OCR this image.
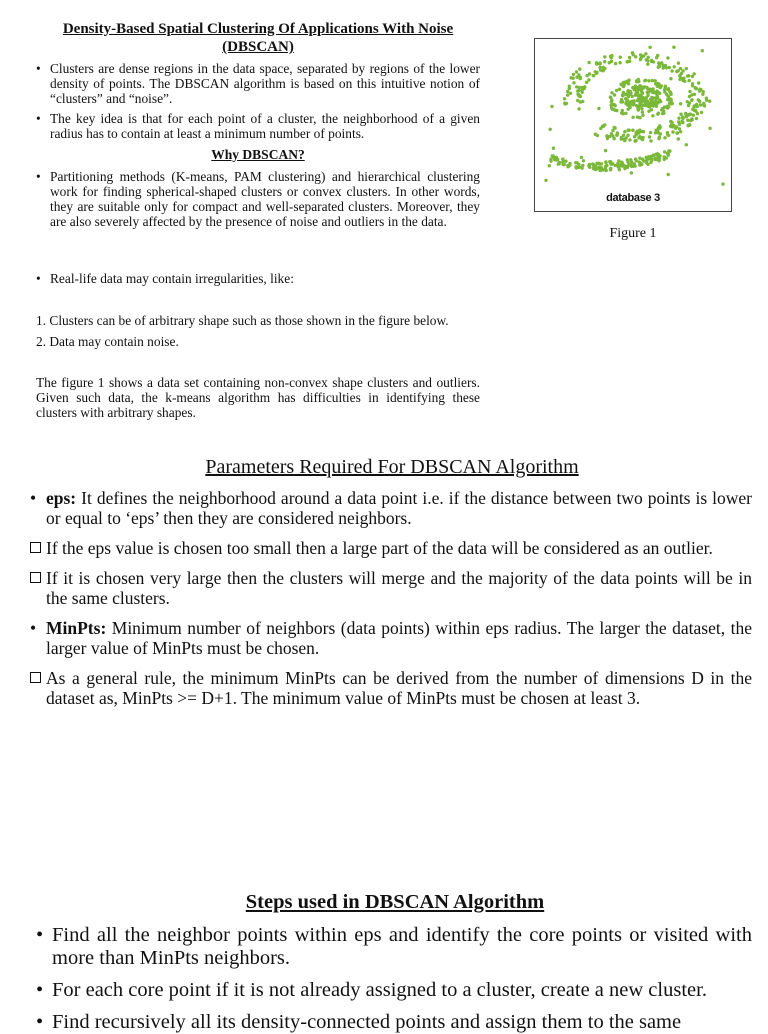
Density-Based Spatial Clustering Of Applications With Noise (DBSCAN)
• Clusters are dense regions in the data space, separated by regions of the lower density of points. The DBSCAN algorithm is based on this intuitive notion of “clusters” and “noise”.
• The key idea is that for each point of a cluster, the neighborhood of a given radius has to contain at least a minimum number of points.
Why DBSCAN?
• Partitioning methods (K-means, PAM clustering) and hierarchical clustering work for finding spherical-shaped clusters or convex clusters. In other words, they are suitable only for compact and well-separated clusters. Moreover, they are also severely affected by the presence of noise and outliers in the data.
• Real-life data may contain irregularities, like:
1. Clusters can be of arbitrary shape such as those shown in the figure below.
2. Data may contain noise.
The figure 1 shows a data set containing non-convex shape clusters and outliers. Given such data, the k-means algorithm has difficulties in identifying these clusters with arbitrary shapes.
database 3
Figure 1
Parameters Required For DBSCAN Algorithm
• eps: It defines the neighborhood around a data point i.e. if the distance between two points is lower or equal to ‘eps’ then they are considered neighbors.
If the eps value is chosen too small then a large part of the data will be considered as an outlier.
If it is chosen very large then the clusters will merge and the majority of the data points will be in the same clusters.
• MinPts: Minimum number of neighbors (data points) within eps radius. The larger the dataset, the larger value of MinPts must be chosen.
As a general rule, the minimum MinPts can be derived from the number of dimensions D in the dataset as, MinPts >= D+1. The minimum value of MinPts must be chosen at least 3.
Steps used in DBSCAN Algorithm
• Find all the neighbor points within eps and identify the core points or visited with more than MinPts neighbors.
• For each core point if it is not already assigned to a cluster, create a new cluster.
• Find recursively all its density-connected points and assign them to the same
